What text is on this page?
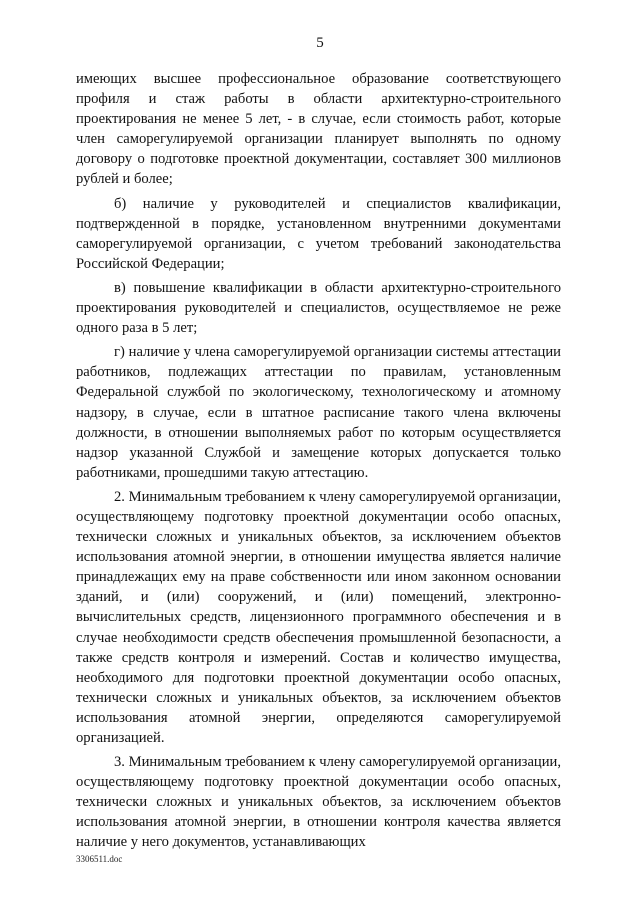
5

имеющих высшее профессиональное образование соответствующего профиля и стаж работы в области архитектурно-строительного проектирования не менее 5 лет, - в случае, если стоимость работ, которые член саморегулируемой организации планирует выполнять по одному договору о подготовке проектной документации, составляет 300 миллионов рублей и более;

б) наличие у руководителей и специалистов квалификации, подтвержденной в порядке, установленном внутренними документами саморегулируемой организации, с учетом требований законодательства Российской Федерации;

в) повышение квалификации в области архитектурно-строительного проектирования руководителей и специалистов, осуществляемое не реже одного раза в 5 лет;

г) наличие у члена саморегулируемой организации системы аттестации работников, подлежащих аттестации по правилам, установленным Федеральной службой по экологическому, технологическому и атомному надзору, в случае, если в штатное расписание такого члена включены должности, в отношении выполняемых работ по которым осуществляется надзор указанной Службой и замещение которых допускается только работниками, прошедшими такую аттестацию.

2. Минимальным требованием к члену саморегулируемой организации, осуществляющему подготовку проектной документации особо опасных, технически сложных и уникальных объектов, за исключением объектов использования атомной энергии, в отношении имущества является наличие принадлежащих ему на праве собственности или ином законном основании зданий, и (или) сооружений, и (или) помещений, электронно-вычислительных средств, лицензионного программного обеспечения и в случае необходимости средств обеспечения промышленной безопасности, а также средств контроля и измерений. Состав и количество имущества, необходимого для подготовки проектной документации особо опасных, технически сложных и уникальных объектов, за исключением объектов использования атомной энергии, определяются саморегулируемой организацией.

3. Минимальным требованием к члену саморегулируемой организации, осуществляющему подготовку проектной документации особо опасных, технически сложных и уникальных объектов, за исключением объектов использования атомной энергии, в отношении контроля качества является наличие у него документов, устанавливающих

3306511.doc
